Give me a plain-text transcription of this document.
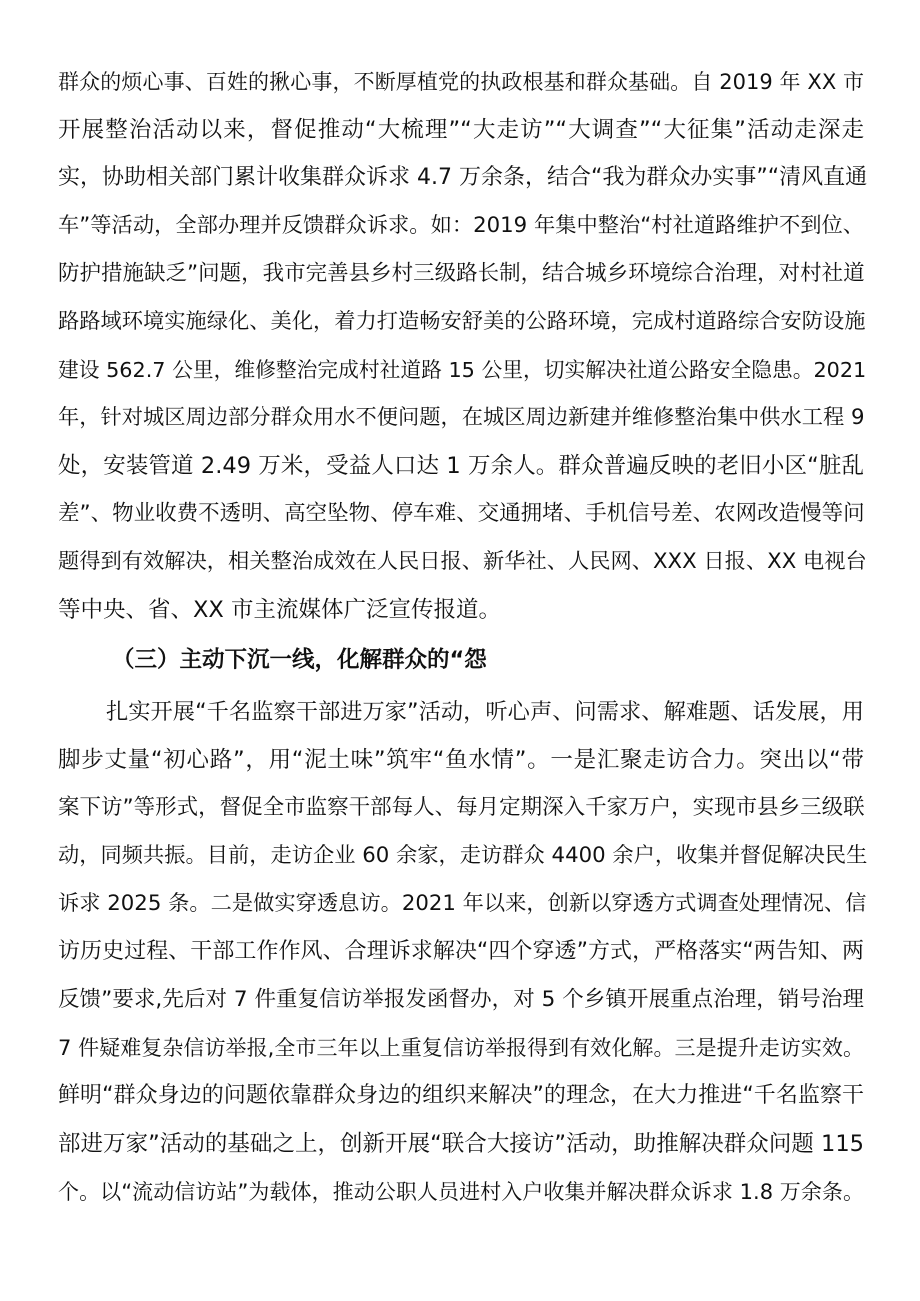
群众的烦心事、百姓的揪心事，不断厚植党的执政根基和群众基础。自 2019 年 XX 市
开展整治活动以来，督促推动“大梳理”“大走访”“大调查”“大征集”活动走深走
实，协助相关部门累计收集群众诉求 4.7 万余条，结合“我为群众办实事”“清风直通
车”等活动，全部办理并反馈群众诉求。如：2019 年集中整治“村社道路维护不到位、
防护措施缺乏”问题，我市完善县乡村三级路长制，结合城乡环境综合治理，对村社道
路路域环境实施绿化、美化，着力打造畅安舒美的公路环境，完成村道路综合安防设施
建设 562.7 公里，维修整治完成村社道路 15 公里，切实解决社道公路安全隐患。2021
年，针对城区周边部分群众用水不便问题，在城区周边新建并维修整治集中供水工程 9
处，安装管道 2.49 万米，受益人口达 1 万余人。群众普遍反映的老旧小区“脏乱
差”、物业收费不透明、高空坠物、停车难、交通拥堵、手机信号差、农网改造慢等问
题得到有效解决，相关整治成效在人民日报、新华社、人民网、XXX 日报、XX 电视台
等中央、省、XX 市主流媒体广泛宣传报道。
（三）主动下沉一线，化解群众的“怨
扎实开展“千名监察干部进万家”活动，听心声、问需求、解难题、话发展，用
脚步丈量“初心路”，用“泥土味”筑牢“鱼水情”。一是汇聚走访合力。突出以“带
案下访”等形式，督促全市监察干部每人、每月定期深入千家万户，实现市县乡三级联
动，同频共振。目前，走访企业 60 余家，走访群众 4400 余户，收集并督促解决民生
诉求 2025 条。二是做实穿透息访。2021 年以来，创新以穿透方式调查处理情况、信
访历史过程、干部工作作风、合理诉求解决“四个穿透”方式，严格落实“两告知、两
反馈”要求,先后对 7 件重复信访举报发函督办，对 5 个乡镇开展重点治理，销号治理
7 件疑难复杂信访举报,全市三年以上重复信访举报得到有效化解。三是提升走访实效。
鲜明“群众身边的问题依靠群众身边的组织来解决”的理念，在大力推进“千名监察干
部进万家”活动的基础之上，创新开展“联合大接访”活动，助推解决群众问题 115
个。以“流动信访站”为载体，推动公职人员进村入户收集并解决群众诉求 1.8 万余条。
